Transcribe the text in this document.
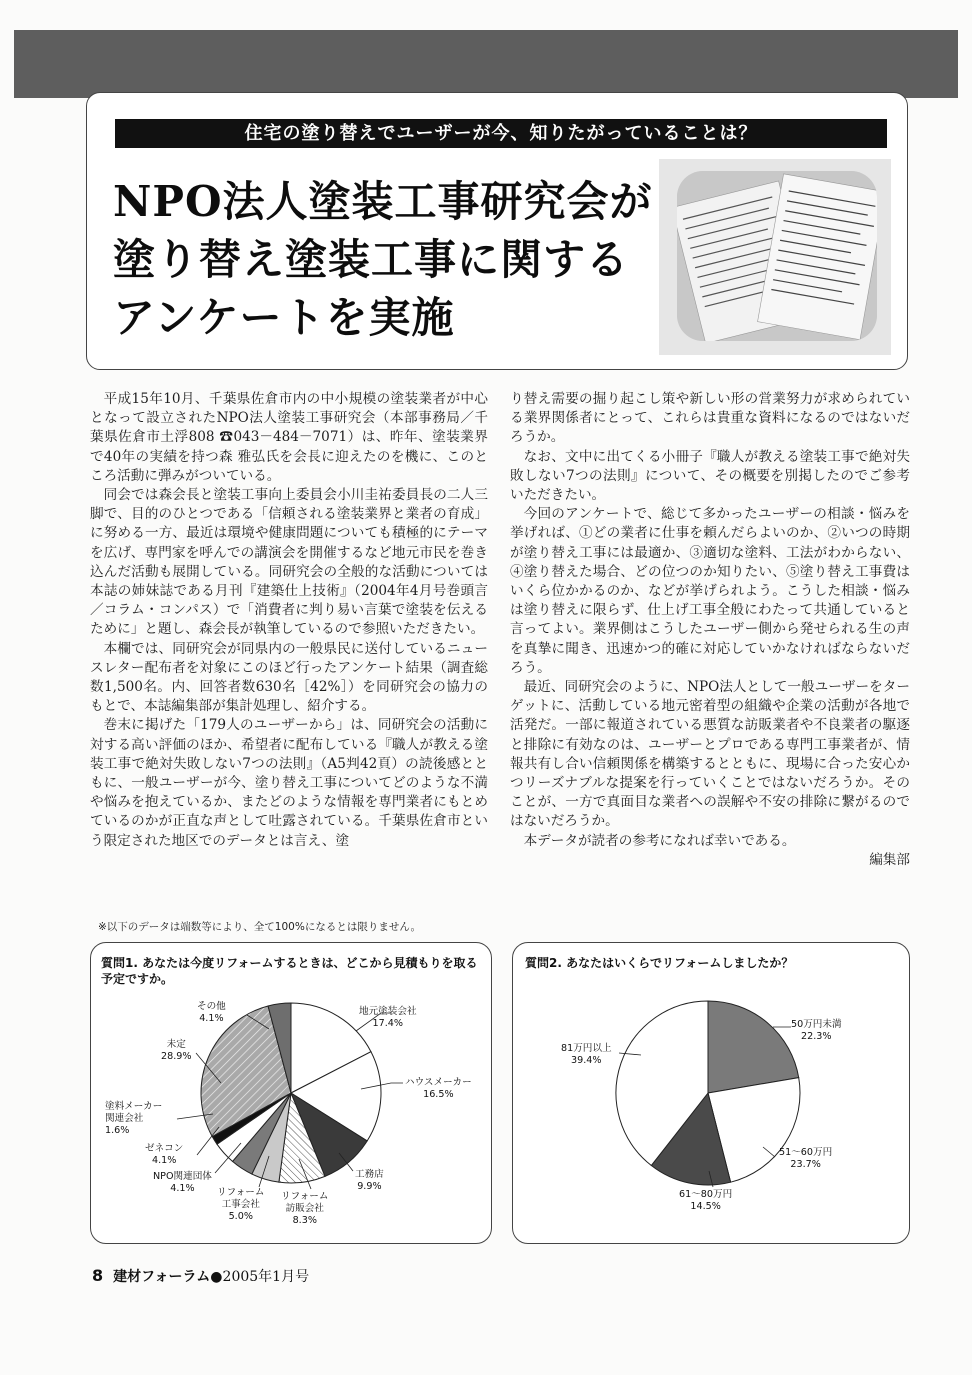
住宅の塗り替えでユーザーが今、知りたがっていることは？
NPO法人塗装工事研究会が
塗り替え塗装工事に関する
アンケートを実施

平成15年10月、千葉県佐倉市内の中小規模の塗装業者が中心となって設立されたNPO法人塗装工事研究会（本部事務局／千葉県佐倉市土浮808 ☎043－484－7071）は、昨年、塗装業界で40年の実績を持つ森 雅弘氏を会長に迎えたのを機に、このところ活動に弾みがついている。

同会では森会長と塗装工事向上委員会小川圭祐委員長の二人三脚で、目的のひとつである「信頼される塗装業界と業者の育成」に努める一方、最近は環境や健康問題についても積極的にテーマを広げ、専門家を呼んでの講演会を開催するなど地元市民を巻き込んだ活動も展開している。同研究会の全般的な活動については本誌の姉妹誌である月刊『建築仕上技術』（2004年4月号巻頭言／コラム・コンパス）で「消費者に判り易い言葉で塗装を伝えるために」と題し、森会長が執筆しているので参照いただきたい。

本欄では、同研究会が同県内の一般県民に送付しているニュースレター配布者を対象にこのほど行ったアンケート結果（調査総数1,500名。内、回答者数630名［42%］）を同研究会の協力のもとで、本誌編集部が集計処理し、紹介する。

巻末に掲げた「179人のユーザーから」は、同研究会の活動に対する高い評価のほか、希望者に配布している『職人が教える塗装工事で絶対失敗しない7つの法則』（A5判42頁）の読後感とともに、一般ユーザーが今、塗り替え工事についてどのような不満や悩みを抱えているか、またどのような情報を専門業者にもとめているのかが正直な声として吐露されている。千葉県佐倉市という限定された地区でのデータとは言え、塗

り替え需要の掘り起こし策や新しい形の営業努力が求められている業界関係者にとって、これらは貴重な資料になるのではないだろうか。

なお、文中に出てくる小冊子『職人が教える塗装工事で絶対失敗しない7つの法則』について、その概要を別掲したのでご参考いただきたい。

今回のアンケートで、総じて多かったユーザーの相談・悩みを挙げれば、①どの業者に仕事を頼んだらよいのか、②いつの時期が塗り替え工事には最適か、③適切な塗料、工法がわからない、④塗り替えた場合、どの位つのか知りたい、⑤塗り替え工事費はいくら位かかるのか、などが挙げられよう。こうした相談・悩みは塗り替えに限らず、仕上げ工事全般にわたって共通していると言ってよい。業界側はこうしたユーザー側から発せられる生の声を真摯に聞き、迅速かつ的確に対応していかなければならないだろう。

最近、同研究会のように、NPO法人として一般ユーザーをターゲットに、活動している地元密着型の組織や企業の活動が各地で活発だ。一部に報道されている悪質な訪販業者や不良業者の駆逐と排除に有効なのは、ユーザーとプロである専門工事業者が、情報共有し合い信頼関係を構築するとともに、現場に合った安心かつリーズナブルな提案を行っていくことではないだろうか。そのことが、一方で真面目な業者への誤解や不安の排除に繋がるのではないだろうか。

本データが読者の参考になれば幸いである。

編集部
※以下のデータは端数等により、全て100%になるとは限りません。
質問1. あなたは今度リフォームするときは、どこから見積もりを取る予定ですか。
地元塗装会社
17.4%
ハウスメーカー
16.5%
工務店
9.9%
リフォーム
訪販会社
8.3%
リフォーム
工事会社
5.0%
NPO関連団体
4.1%
ゼネコン
4.1%
塗料メーカー
関連会社
1.6%
未定
28.9%
その他
4.1%
質問2. あなたはいくらでリフォームしましたか？
50万円未満
22.3%
51〜60万円
23.7%
61〜80万円
14.5%
81万円以上
39.4%
8 建材フォーラム●2005年1月号
